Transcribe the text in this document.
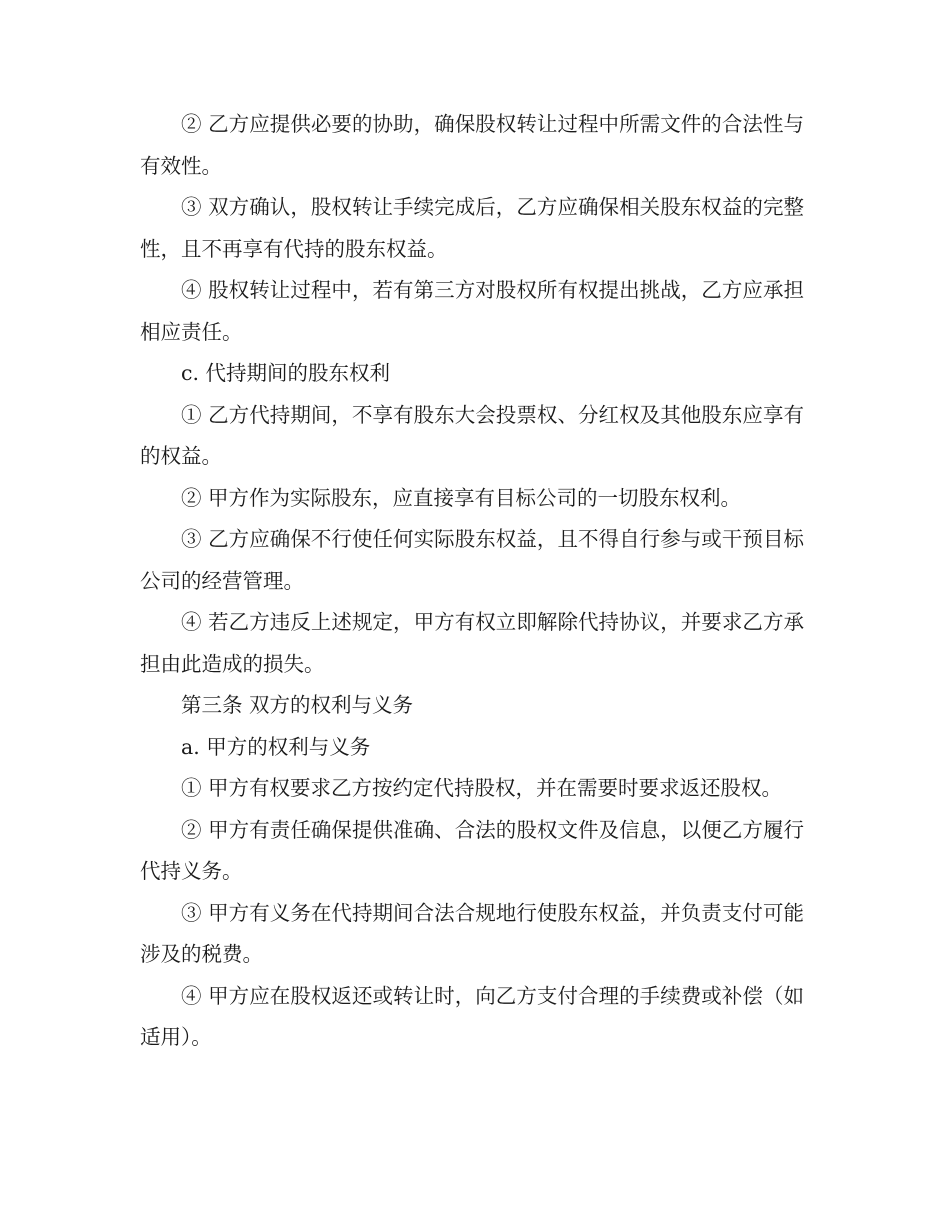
② 乙方应提供必要的协助，确保股权转让过程中所需文件的合法性与有效性。

③ 双方确认，股权转让手续完成后，乙方应确保相关股东权益的完整性，且不再享有代持的股东权益。

④ 股权转让过程中，若有第三方对股权所有权提出挑战，乙方应承担相应责任。

c. 代持期间的股东权利

① 乙方代持期间，不享有股东大会投票权、分红权及其他股东应享有的权益。

② 甲方作为实际股东，应直接享有目标公司的一切股东权利。

③ 乙方应确保不行使任何实际股东权益，且不得自行参与或干预目标公司的经营管理。

④ 若乙方违反上述规定，甲方有权立即解除代持协议，并要求乙方承担由此造成的损失。

第三条 双方的权利与义务

a. 甲方的权利与义务

① 甲方有权要求乙方按约定代持股权，并在需要时要求返还股权。

② 甲方有责任确保提供准确、合法的股权文件及信息，以便乙方履行代持义务。

③ 甲方有义务在代持期间合法合规地行使股东权益，并负责支付可能涉及的税费。

④ 甲方应在股权返还或转让时，向乙方支付合理的手续费或补偿（如适用）。
